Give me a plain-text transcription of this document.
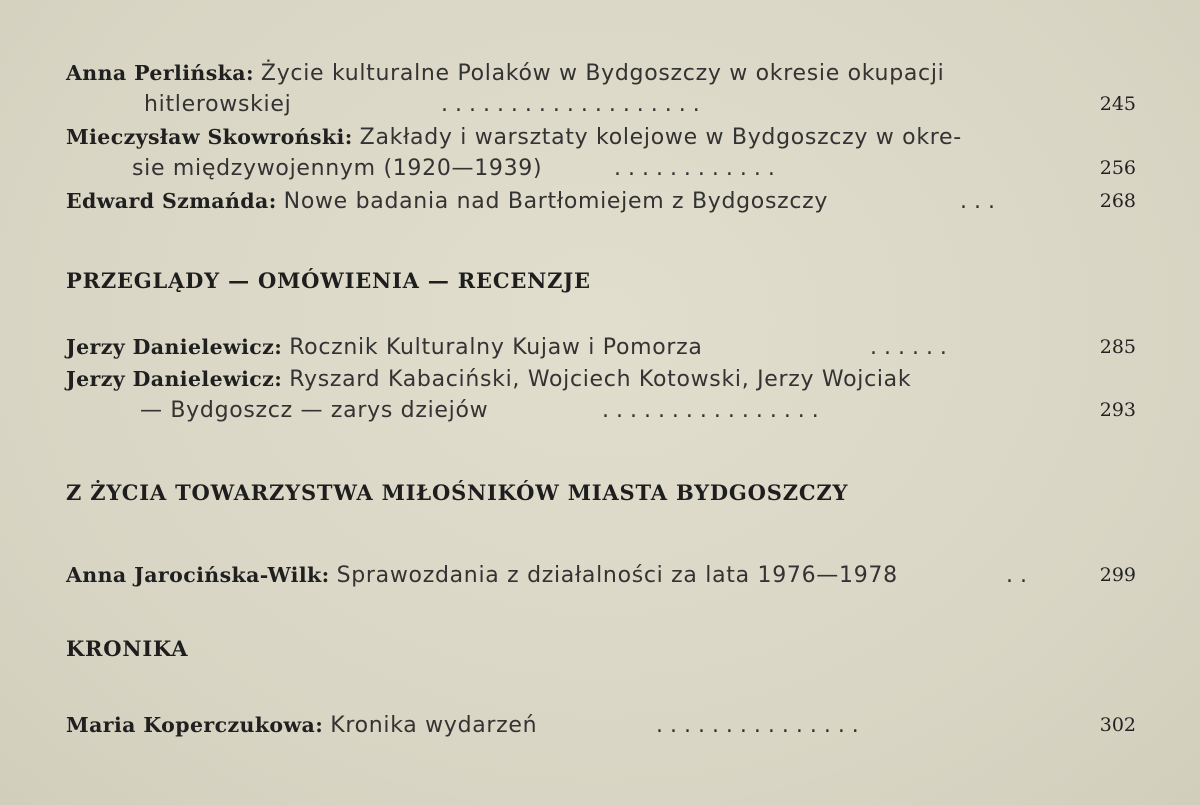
Anna Perlińska: Życie kulturalne Polaków w Bydgoszczy w okresie okupacji
hitlerowskiej	. . . . . . . . . . . . . . . . . . .	245
Mieczysław Skowroński: Zakłady i warsztaty kolejowe w Bydgoszczy w okre-
sie międzywojennym (1920—1939)	. . . . . . . . . . . .	256
Edward Szmańda: Nowe badania nad Bartłomiejem z Bydgoszczy	. . .	268
PRZEGLĄDY — OMÓWIENIA — RECENZJE
Jerzy Danielewicz: Rocznik Kulturalny Kujaw i Pomorza	. . . . . .	285
Jerzy Danielewicz: Ryszard Kabaciński, Wojciech Kotowski, Jerzy Wojciak
— Bydgoszcz — zarys dziejów	. . . . . . . . . . . . . . . .	293
Z ŻYCIA TOWARZYSTWA MIŁOŚNIKÓW MIASTA BYDGOSZCZY
Anna Jarocińska-Wilk: Sprawozdania z działalności za lata 1976—1978	. .	299
KRONIKA
Maria Koperczukowa: Kronika wydarzeń	. . . . . . . . . . . . . . .	302
